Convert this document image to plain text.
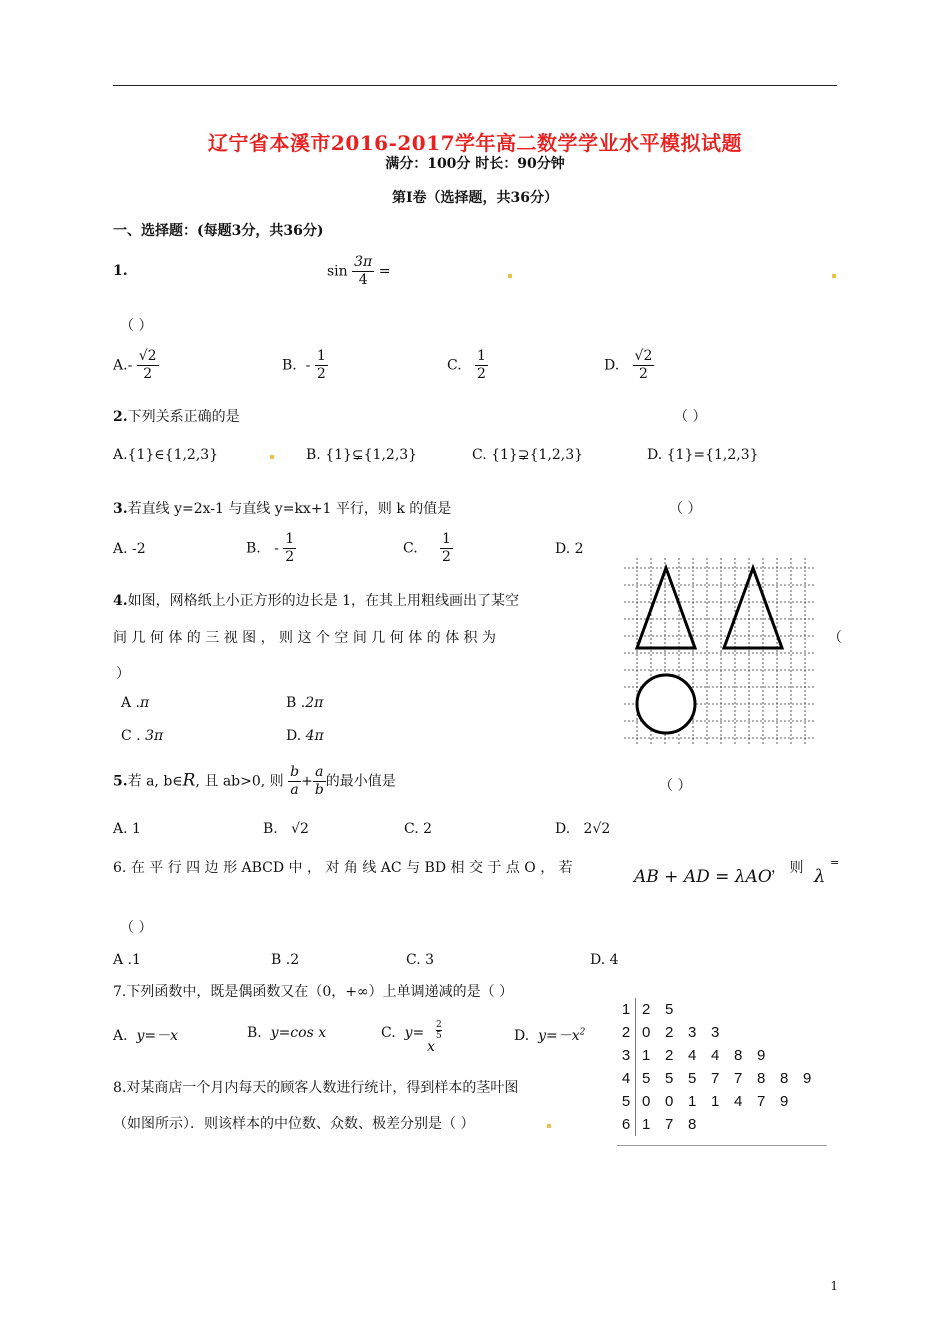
辽宁省本溪市2016-2017学年高二数学学业水平模拟试题
满分：100分 时长：90分钟
第Ⅰ卷（选择题，共36分）
一、选择题：(每题3分，共36分)
1.	$\sin \frac{3\pi}{4}$ =
（ ）
$A.- \frac{√2}{2}$	B. - $\frac{1}{2}$	C. $\frac{1}{2}$	D. $\frac{√2}{2}$
2.下列关系正确的是	（ ）
A.{1}∈{1,2,3}	B. {1}⊊{1,2,3}	C. {1}⊋{1,2,3}	D. {1}={1,2,3}
3.若直线 y=2x-1 与直线 y=kx+1 平行，则 k 的值是	（ ）
A. -2	B. - $\frac{1}{2}$	C. $\frac{1}{2}$	D. 2
4.如图，网格纸上小正方形的边长是 1，在其上用粗线画出了某空
间 几 何 体 的 三 视 图 ， 则 这 个 空 间 几 何 体 的 体 积 为	（
）
A .π	B .2π
C . 3π	D. 4π
5.若 a, b∈R, 且 ab>0, 则 $\frac{b}{a} + \frac{a}{b}$ 的最小值是	（ ）
A. 1	B. √2	C. 2	D. 2√2
6. 在 平 行 四 边 形 ABCD 中 ， 对 角 线 AC 与 BD 相 交 于 点 O ， 若	AB + AD = λAO ， 则 λ
=
（ ）
A .1	B .2	C. 3	D. 4
7.下列函数中，既是偶函数又在（0，+∞）上单调递减的是（ ）
A. y=－x	B. y=cos x	C. y=
x
$\frac{2}{5}$	D. $y=-x^2$
1	2 5
2	0 2 3 3
3	1 2 4 4 8 9
4	5 5 5 7 7 8 8 9
5	0 0 1 1 4 7 9
6	1 7 8
8.对某商店一个月内每天的顾客人数进行统计，得到样本的茎叶图
（如图所示）．则该样本的中位数、众数、极差分别是（ ）
1
